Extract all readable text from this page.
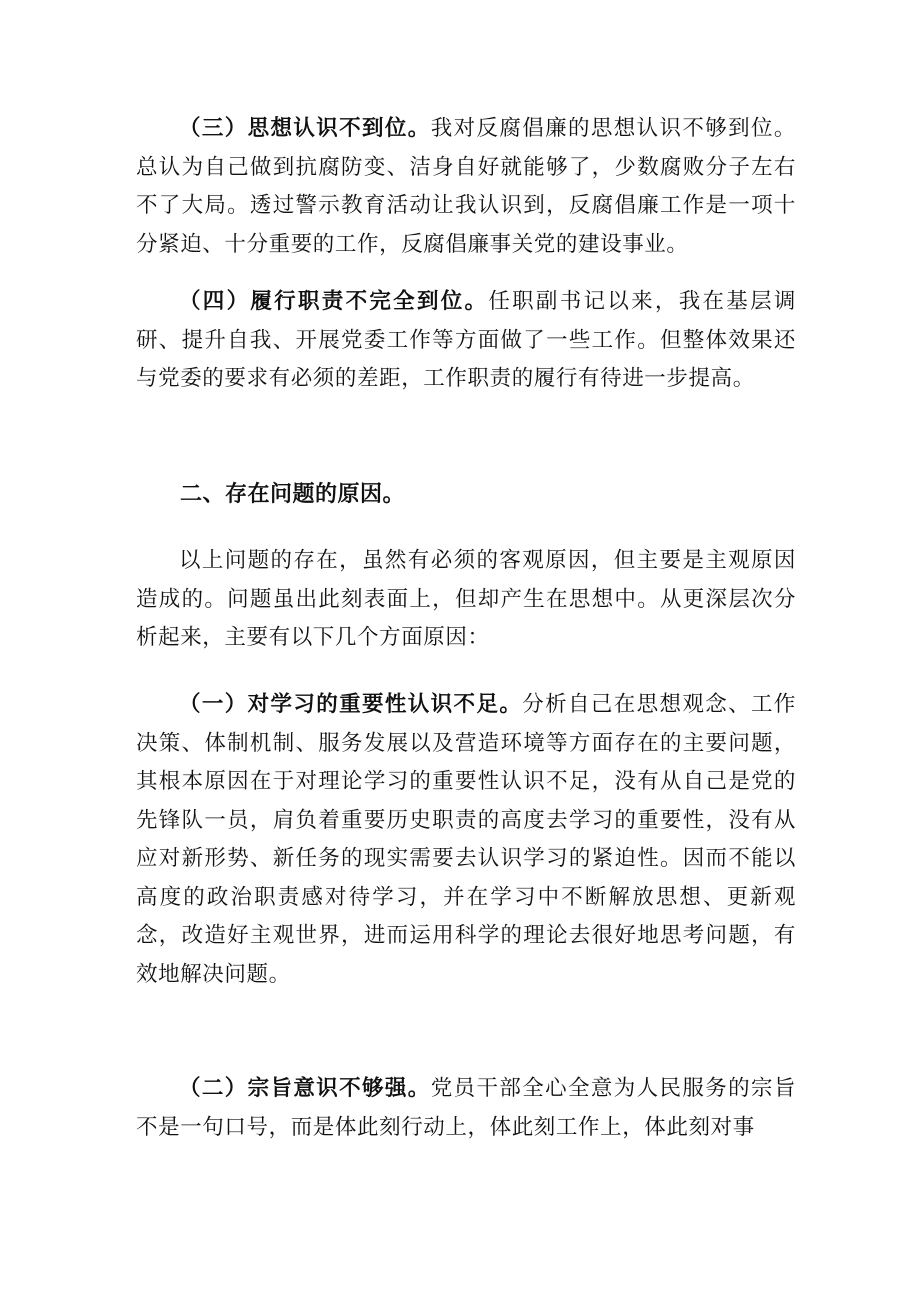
（三）思想认识不到位。我对反腐倡廉的思想认识不够到位。总认为自己做到抗腐防变、洁身自好就能够了，少数腐败分子左右不了大局。透过警示教育活动让我认识到，反腐倡廉工作是一项十分紧迫、十分重要的工作，反腐倡廉事关党的建设事业。

（四）履行职责不完全到位。任职副书记以来，我在基层调研、提升自我、开展党委工作等方面做了一些工作。但整体效果还与党委的要求有必须的差距，工作职责的履行有待进一步提高。

二、存在问题的原因。

以上问题的存在，虽然有必须的客观原因，但主要是主观原因造成的。问题虽出此刻表面上，但却产生在思想中。从更深层次分析起来，主要有以下几个方面原因：

（一）对学习的重要性认识不足。分析自己在思想观念、工作决策、体制机制、服务发展以及营造环境等方面存在的主要问题，其根本原因在于对理论学习的重要性认识不足，没有从自己是党的先锋队一员，肩负着重要历史职责的高度去学习的重要性，没有从应对新形势、新任务的现实需要去认识学习的紧迫性。因而不能以高度的政治职责感对待学习，并在学习中不断解放思想、更新观念，改造好主观世界，进而运用科学的理论去很好地思考问题，有效地解决问题。

（二）宗旨意识不够强。党员干部全心全意为人民服务的宗旨不是一句口号，而是体此刻行动上，体此刻工作上，体此刻对事
